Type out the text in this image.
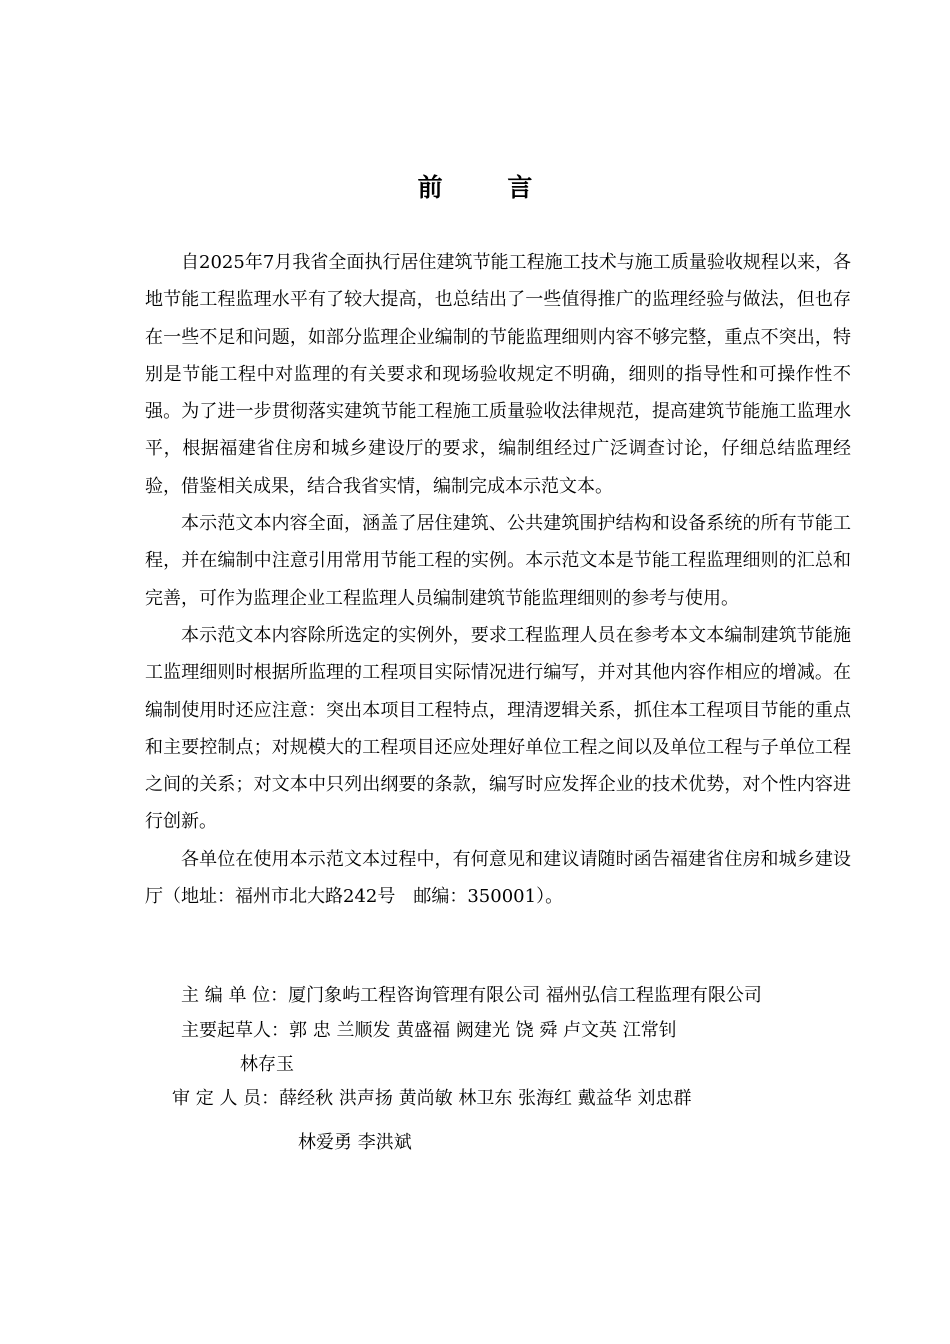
前 言

自2025年7月我省全面执行居住建筑节能工程施工技术与施工质量验收规程以来，各地节能工程监理水平有了较大提高，也总结出了一些值得推广的监理经验与做法，但也存在一些不足和问题，如部分监理企业编制的节能监理细则内容不够完整，重点不突出，特别是节能工程中对监理的有关要求和现场验收规定不明确，细则的指导性和可操作性不强。为了进一步贯彻落实建筑节能工程施工质量验收法律规范，提高建筑节能施工监理水平，根据福建省住房和城乡建设厅的要求，编制组经过广泛调查讨论，仔细总结监理经验，借鉴相关成果，结合我省实情，编制完成本示范文本。

本示范文本内容全面，涵盖了居住建筑、公共建筑围护结构和设备系统的所有节能工程，并在编制中注意引用常用节能工程的实例。本示范文本是节能工程监理细则的汇总和完善，可作为监理企业工程监理人员编制建筑节能监理细则的参考与使用。

本示范文本内容除所选定的实例外，要求工程监理人员在参考本文本编制建筑节能施工监理细则时根据所监理的工程项目实际情况进行编写，并对其他内容作相应的增减。在编制使用时还应注意：突出本项目工程特点，理清逻辑关系，抓住本工程项目节能的重点和主要控制点；对规模大的工程项目还应处理好单位工程之间以及单位工程与子单位工程之间的关系；对文本中只列出纲要的条款，编写时应发挥企业的技术优势，对个性内容进行创新。

各单位在使用本示范文本过程中，有何意见和建议请随时函告福建省住房和城乡建设厅（地址：福州市北大路242号　邮编：350001）。

主 编 单 位：厦门象屿工程咨询管理有限公司 福州弘信工程监理有限公司
主要起草人：郭 忠 兰顺发 黄盛福 阙建光 饶 舜 卢文英 江常钊
林存玉
审 定 人 员：薛经秋 洪声扬 黄尚敏 林卫东 张海红 戴益华 刘忠群
林爱勇 李洪斌
